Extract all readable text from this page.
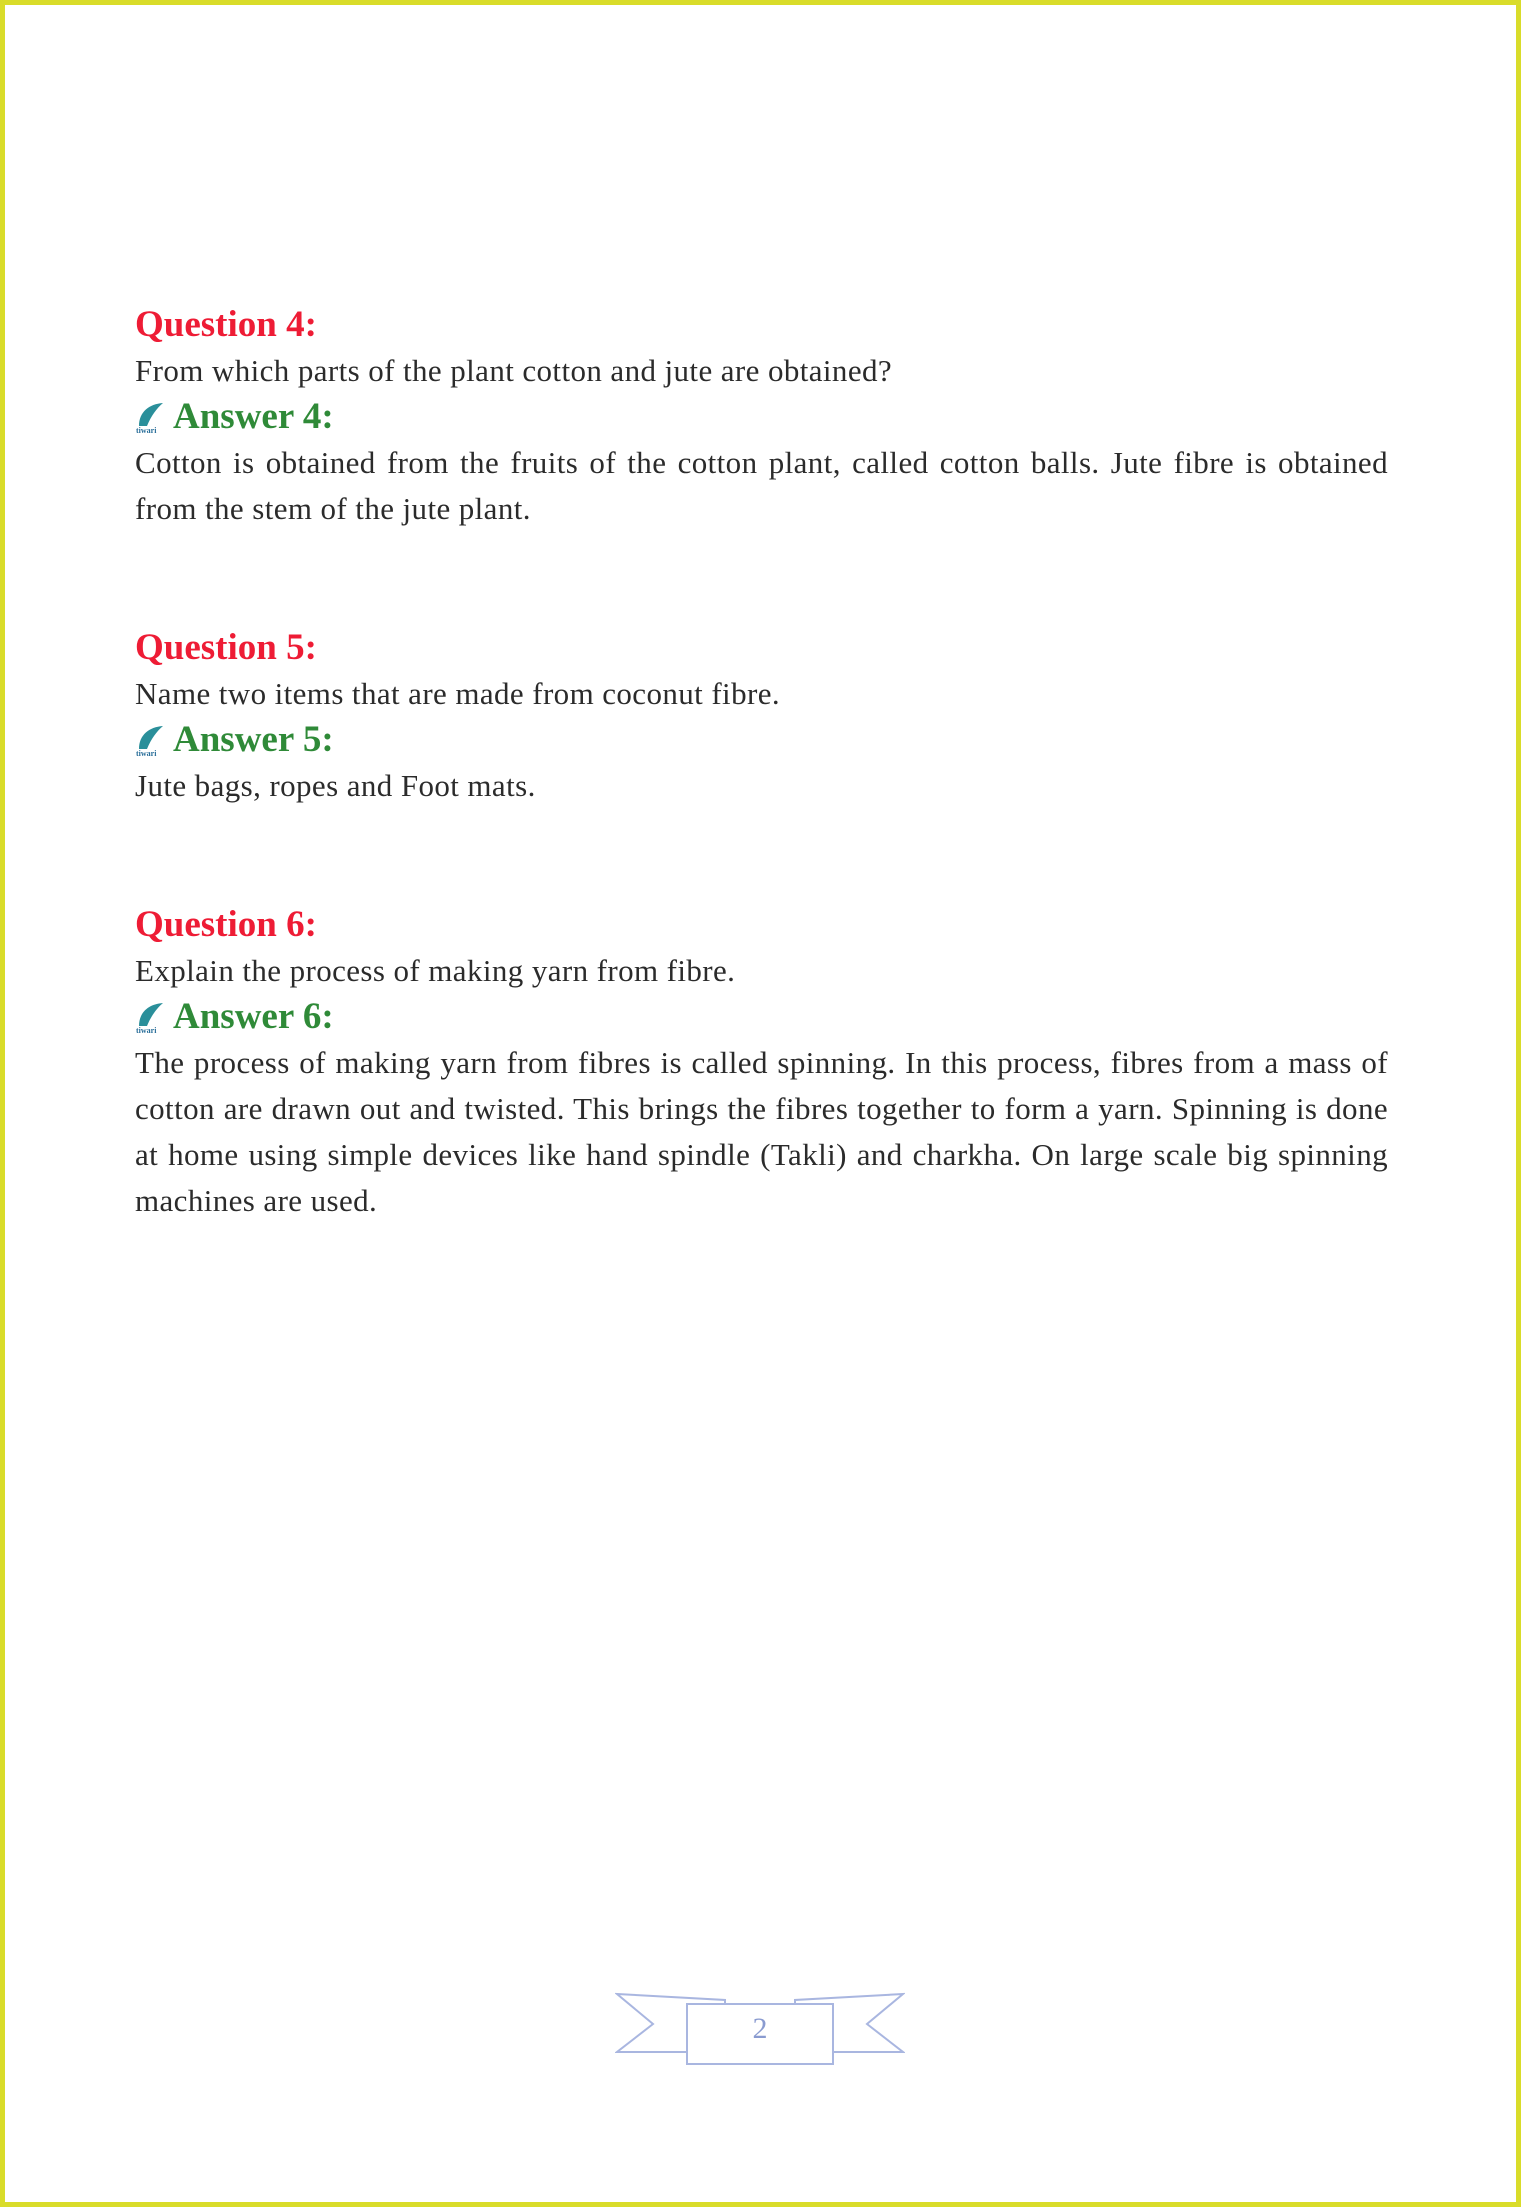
Question 4:
From which parts of the plant cotton and jute are obtained?
tiwari Answer 4:
Cotton is obtained from the fruits of the cotton plant, called cotton balls. Jute fibre is obtained from the stem of the jute plant.
Question 5:
Name two items that are made from coconut fibre.
tiwari Answer 5:
Jute bags, ropes and Foot mats.
Question 6:
Explain the process of making yarn from fibre.
tiwari Answer 6:
The process of making yarn from fibres is called spinning. In this process, fibres from a mass of cotton are drawn out and twisted. This brings the fibres together to form a yarn. Spinning is done at home using simple devices like hand spindle (Takli) and charkha. On large scale big spinning machines are used.
2
